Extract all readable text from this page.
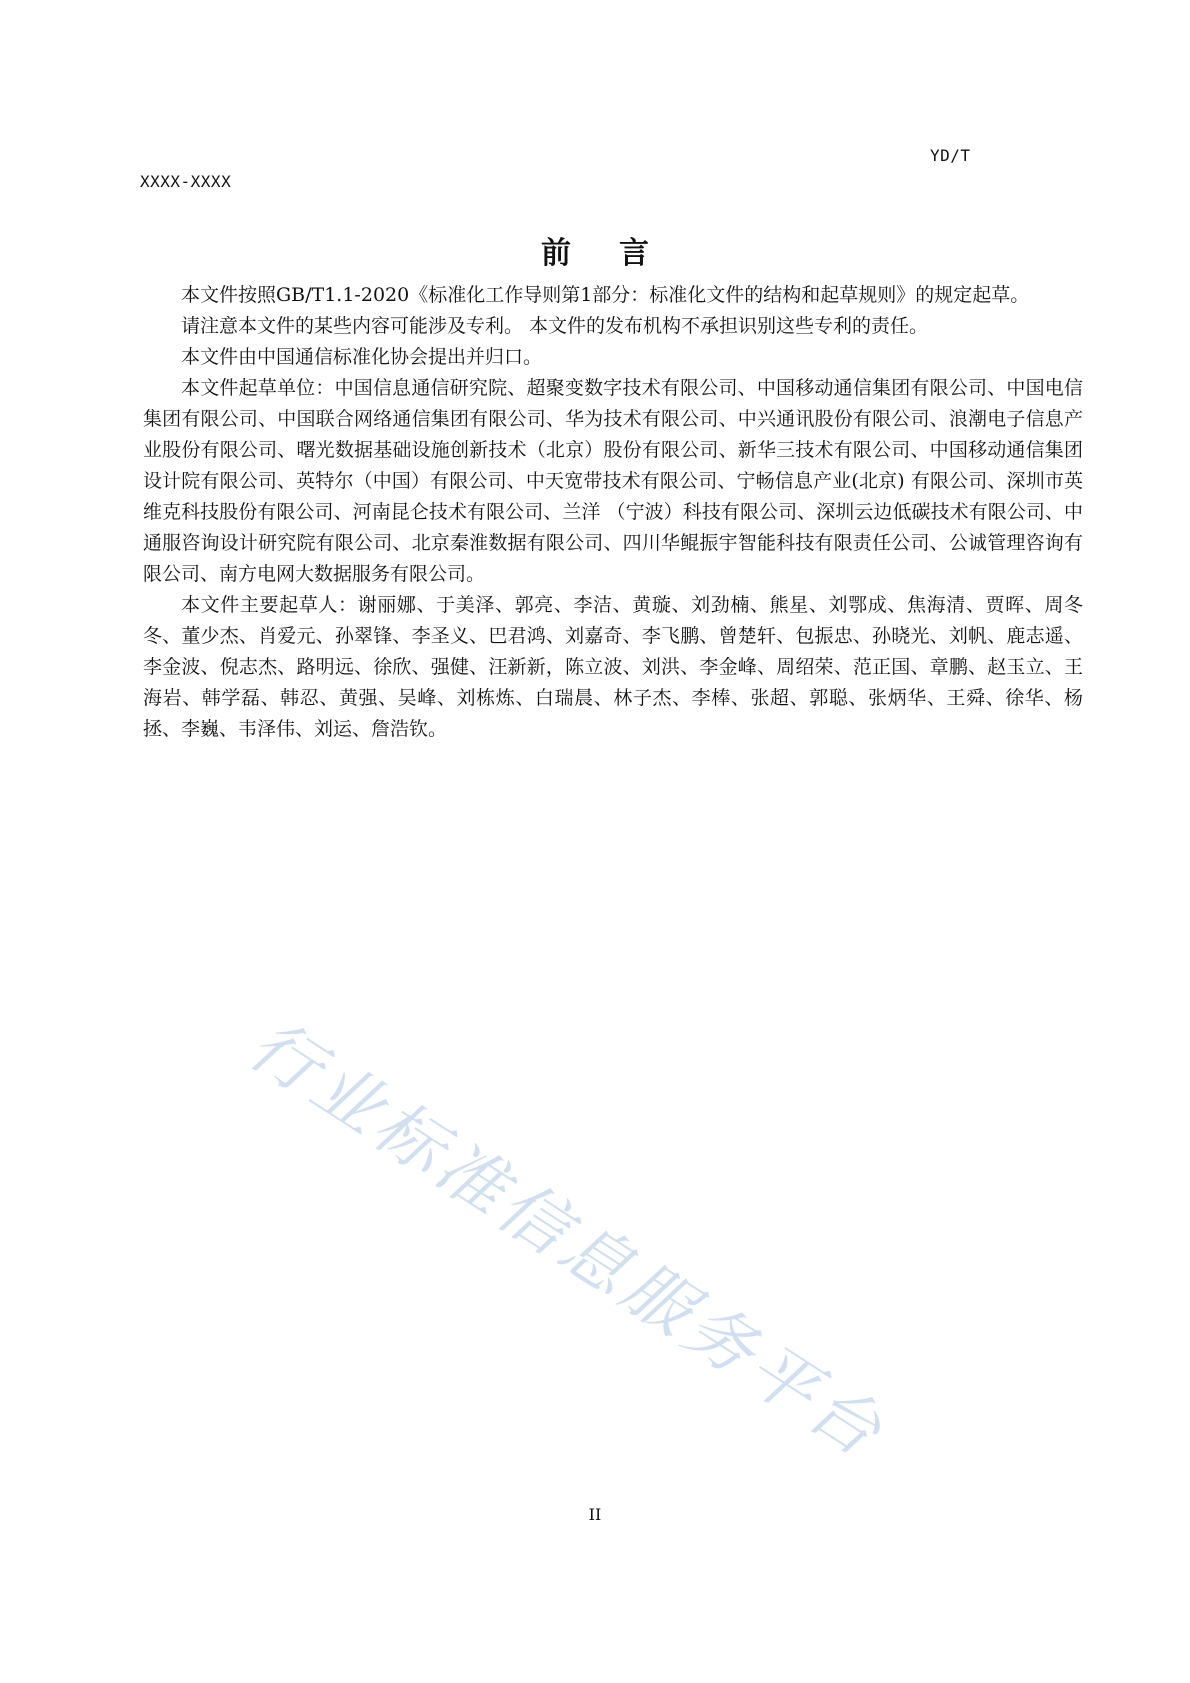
YD/T
XXXX-XXXX
前言

本文件按照GB/T1.1-2020《标准化工作导则第1部分：标准化文件的结构和起草规则》的规定起草。

请注意本文件的某些内容可能涉及专利。 本文件的发布机构不承担识别这些专利的责任。

本文件由中国通信标准化协会提出并归口。

本文件起草单位：中国信息通信研究院、超聚变数字技术有限公司、中国移动通信集团有限公司、中国电信集团有限公司、中国联合网络通信集团有限公司、华为技术有限公司、中兴通讯股份有限公司、浪潮电子信息产业股份有限公司、曙光数据基础设施创新技术（北京）股份有限公司、新华三技术有限公司、中国移动通信集团设计院有限公司、英特尔（中国）有限公司、中天宽带技术有限公司、宁畅信息产业(北京) 有限公司、深圳市英维克科技股份有限公司、河南昆仑技术有限公司、兰洋 （宁波）科技有限公司、深圳云边低碳技术有限公司、中通服咨询设计研究院有限公司、北京秦淮数据有限公司、四川华鲲振宇智能科技有限责任公司、公诚管理咨询有限公司、南方电网大数据服务有限公司。

本文件主要起草人：谢丽娜、于美泽、郭亮、李洁、黄璇、刘劲楠、熊星、刘鄂成、焦海清、贾晖、周冬冬、董少杰、肖爱元、孙翠锋、李圣义、巴君鸿、刘嘉奇、李飞鹏、曾楚轩、包振忠、孙晓光、刘帆、鹿志遥、李金波、倪志杰、路明远、徐欣、强健、汪新新，陈立波、刘洪、李金峰、周绍荣、范正国、章鹏、赵玉立、王海岩、韩学磊、韩忍、黄强、吴峰、刘栋炼、白瑞晨、林子杰、李棒、张超、郭聪、张炳华、王舜、徐华、杨拯、李巍、韦泽伟、刘运、詹浩钦。

行业标准信息服务平台
II
